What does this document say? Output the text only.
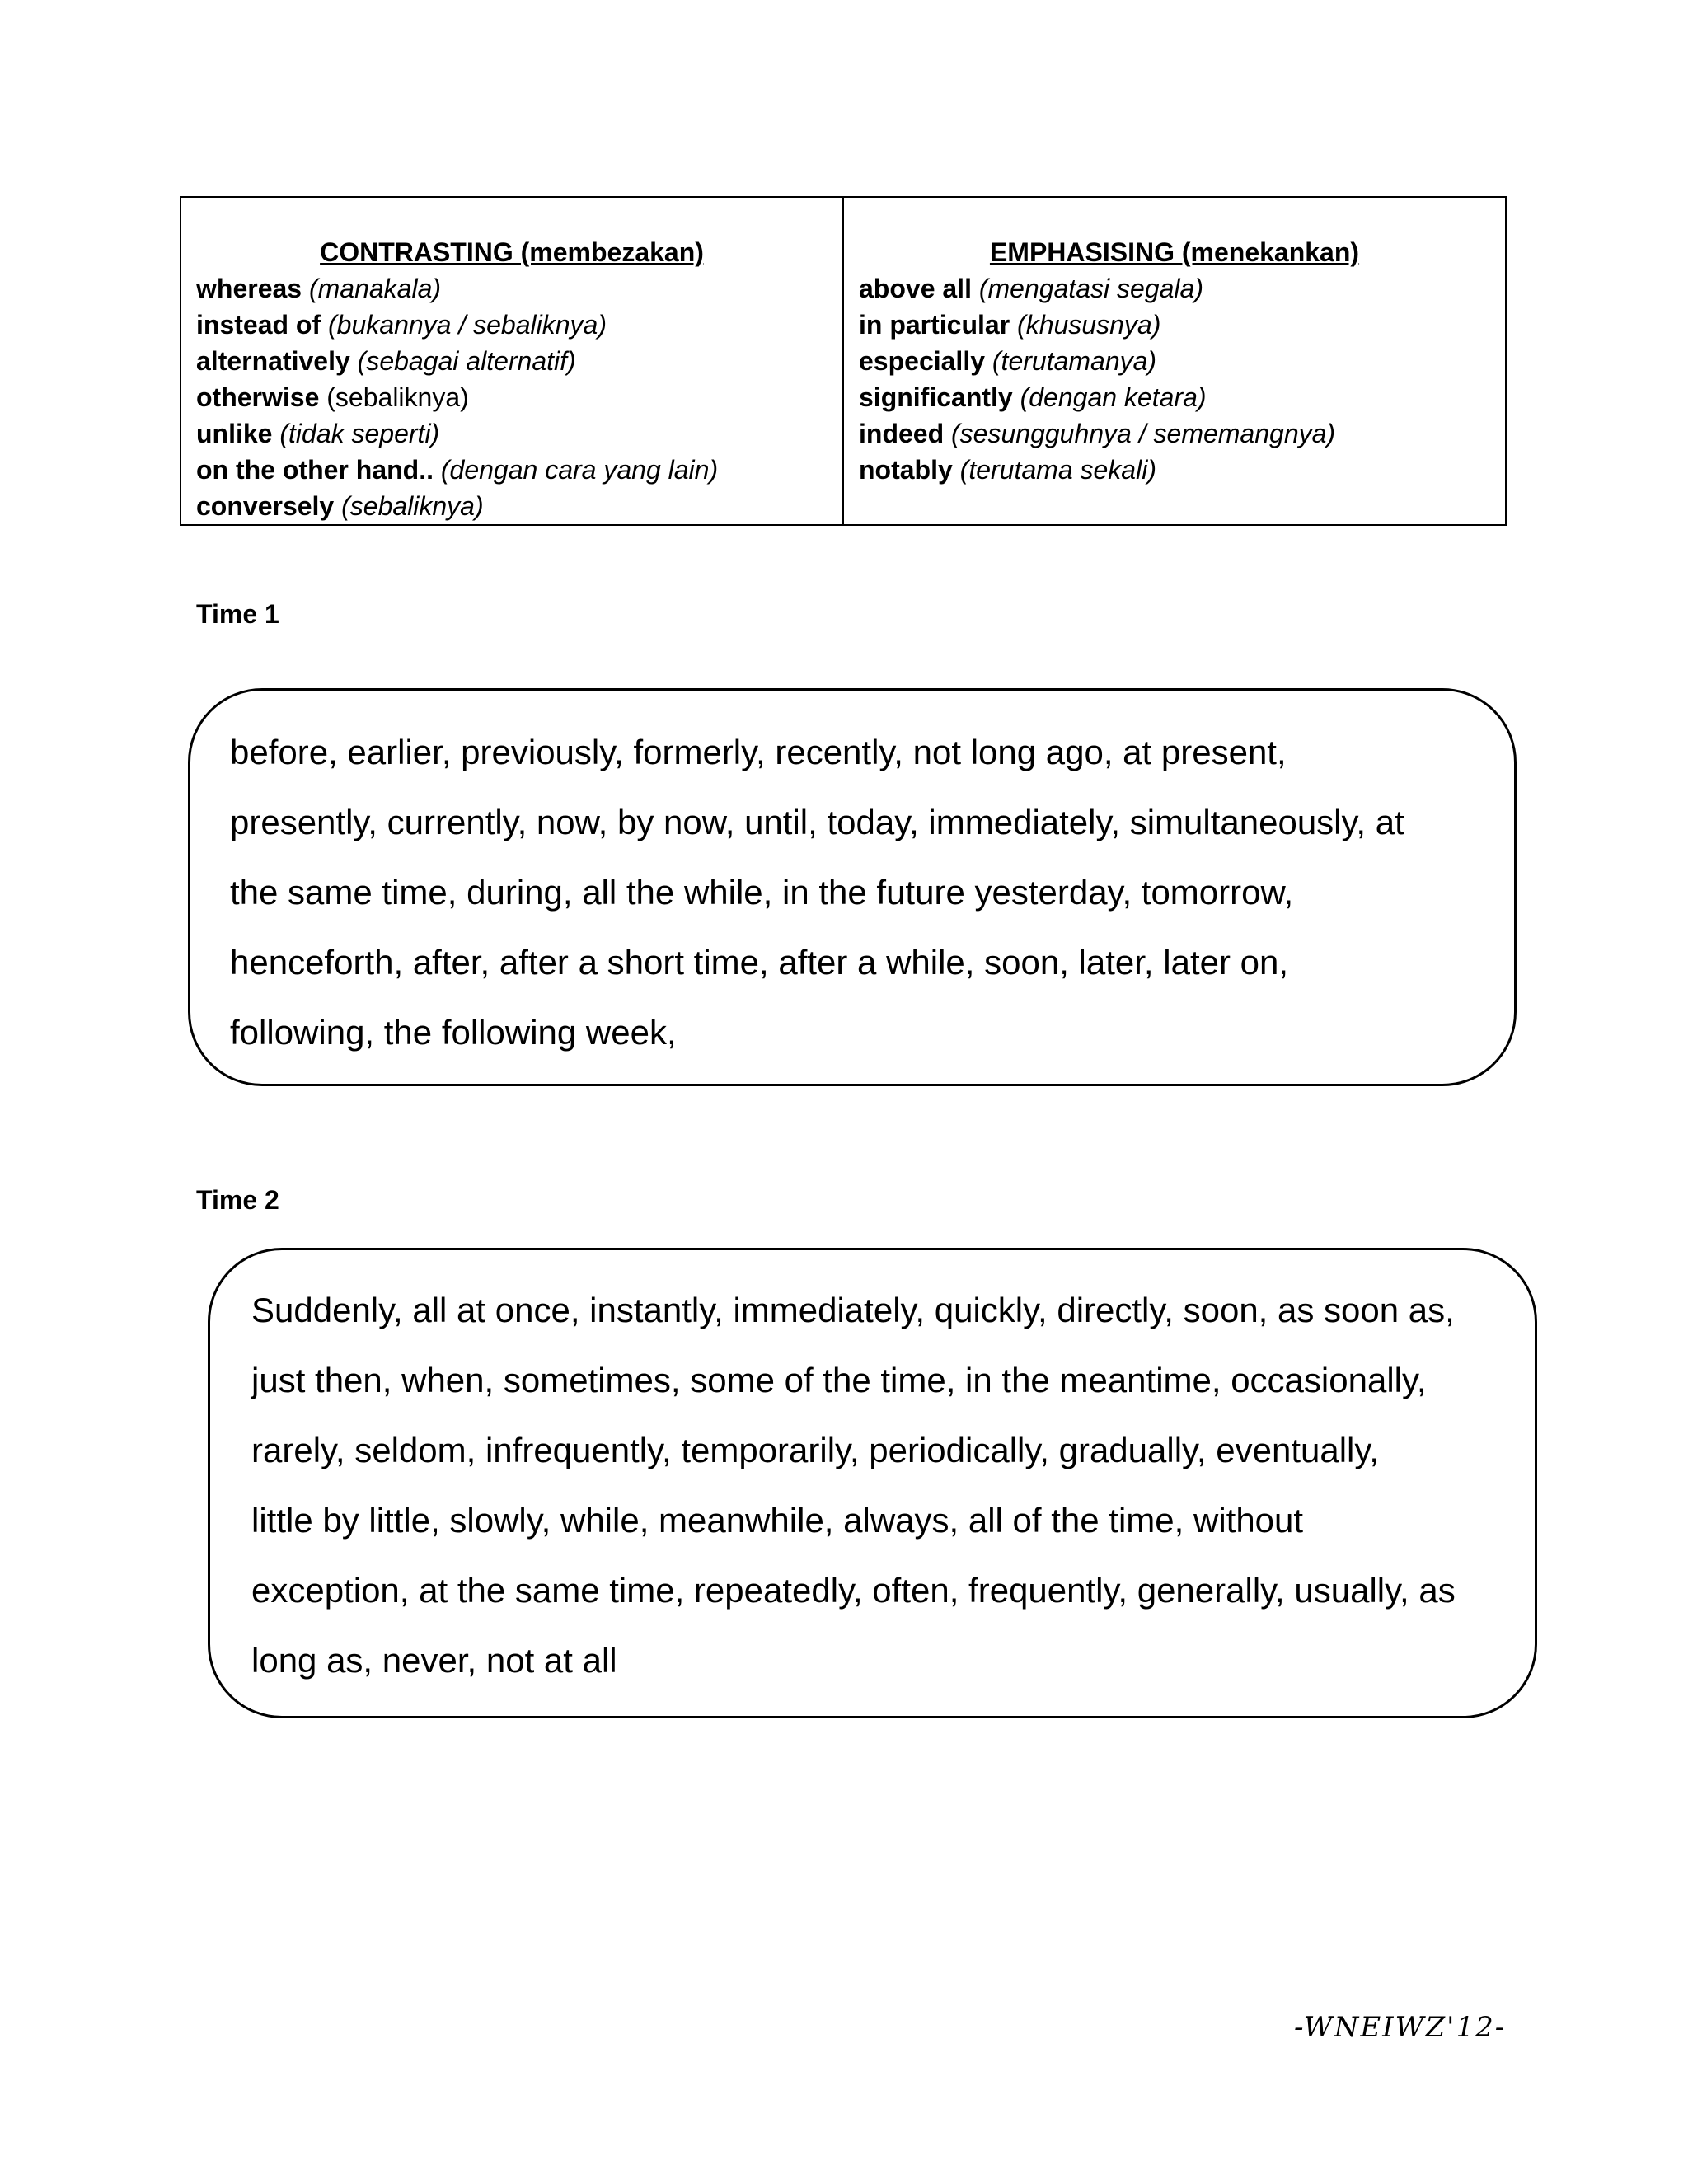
CONTRASTING (membezakan)
whereas (manakala)
instead of (bukannya / sebaliknya)
alternatively (sebagai alternatif)
otherwise (sebaliknya)
unlike (tidak seperti)
on the other hand.. (dengan cara yang lain)
conversely (sebaliknya)
EMPHASISING (menekankan)
above all (mengatasi segala)
in particular (khususnya)
especially (terutamanya)
significantly (dengan ketara)
indeed (sesungguhnya / sememangnya)
notably (terutama sekali)
Time 1
before, earlier, previously, formerly, recently, not long ago, at present,
presently, currently, now, by now, until, today, immediately, simultaneously, at
the same time, during, all the while, in the future yesterday, tomorrow,
henceforth, after, after a short time, after a while, soon, later, later on,
following, the following week,
Time 2
Suddenly, all at once, instantly, immediately, quickly, directly, soon, as soon as,
just then, when, sometimes, some of the time, in the meantime, occasionally,
rarely, seldom, infrequently, temporarily, periodically, gradually, eventually,
little by little, slowly, while, meanwhile, always, all of the time, without
exception, at the same time, repeatedly, often, frequently, generally, usually, as
long as, never, not at all
-WNEIWZ'12-
